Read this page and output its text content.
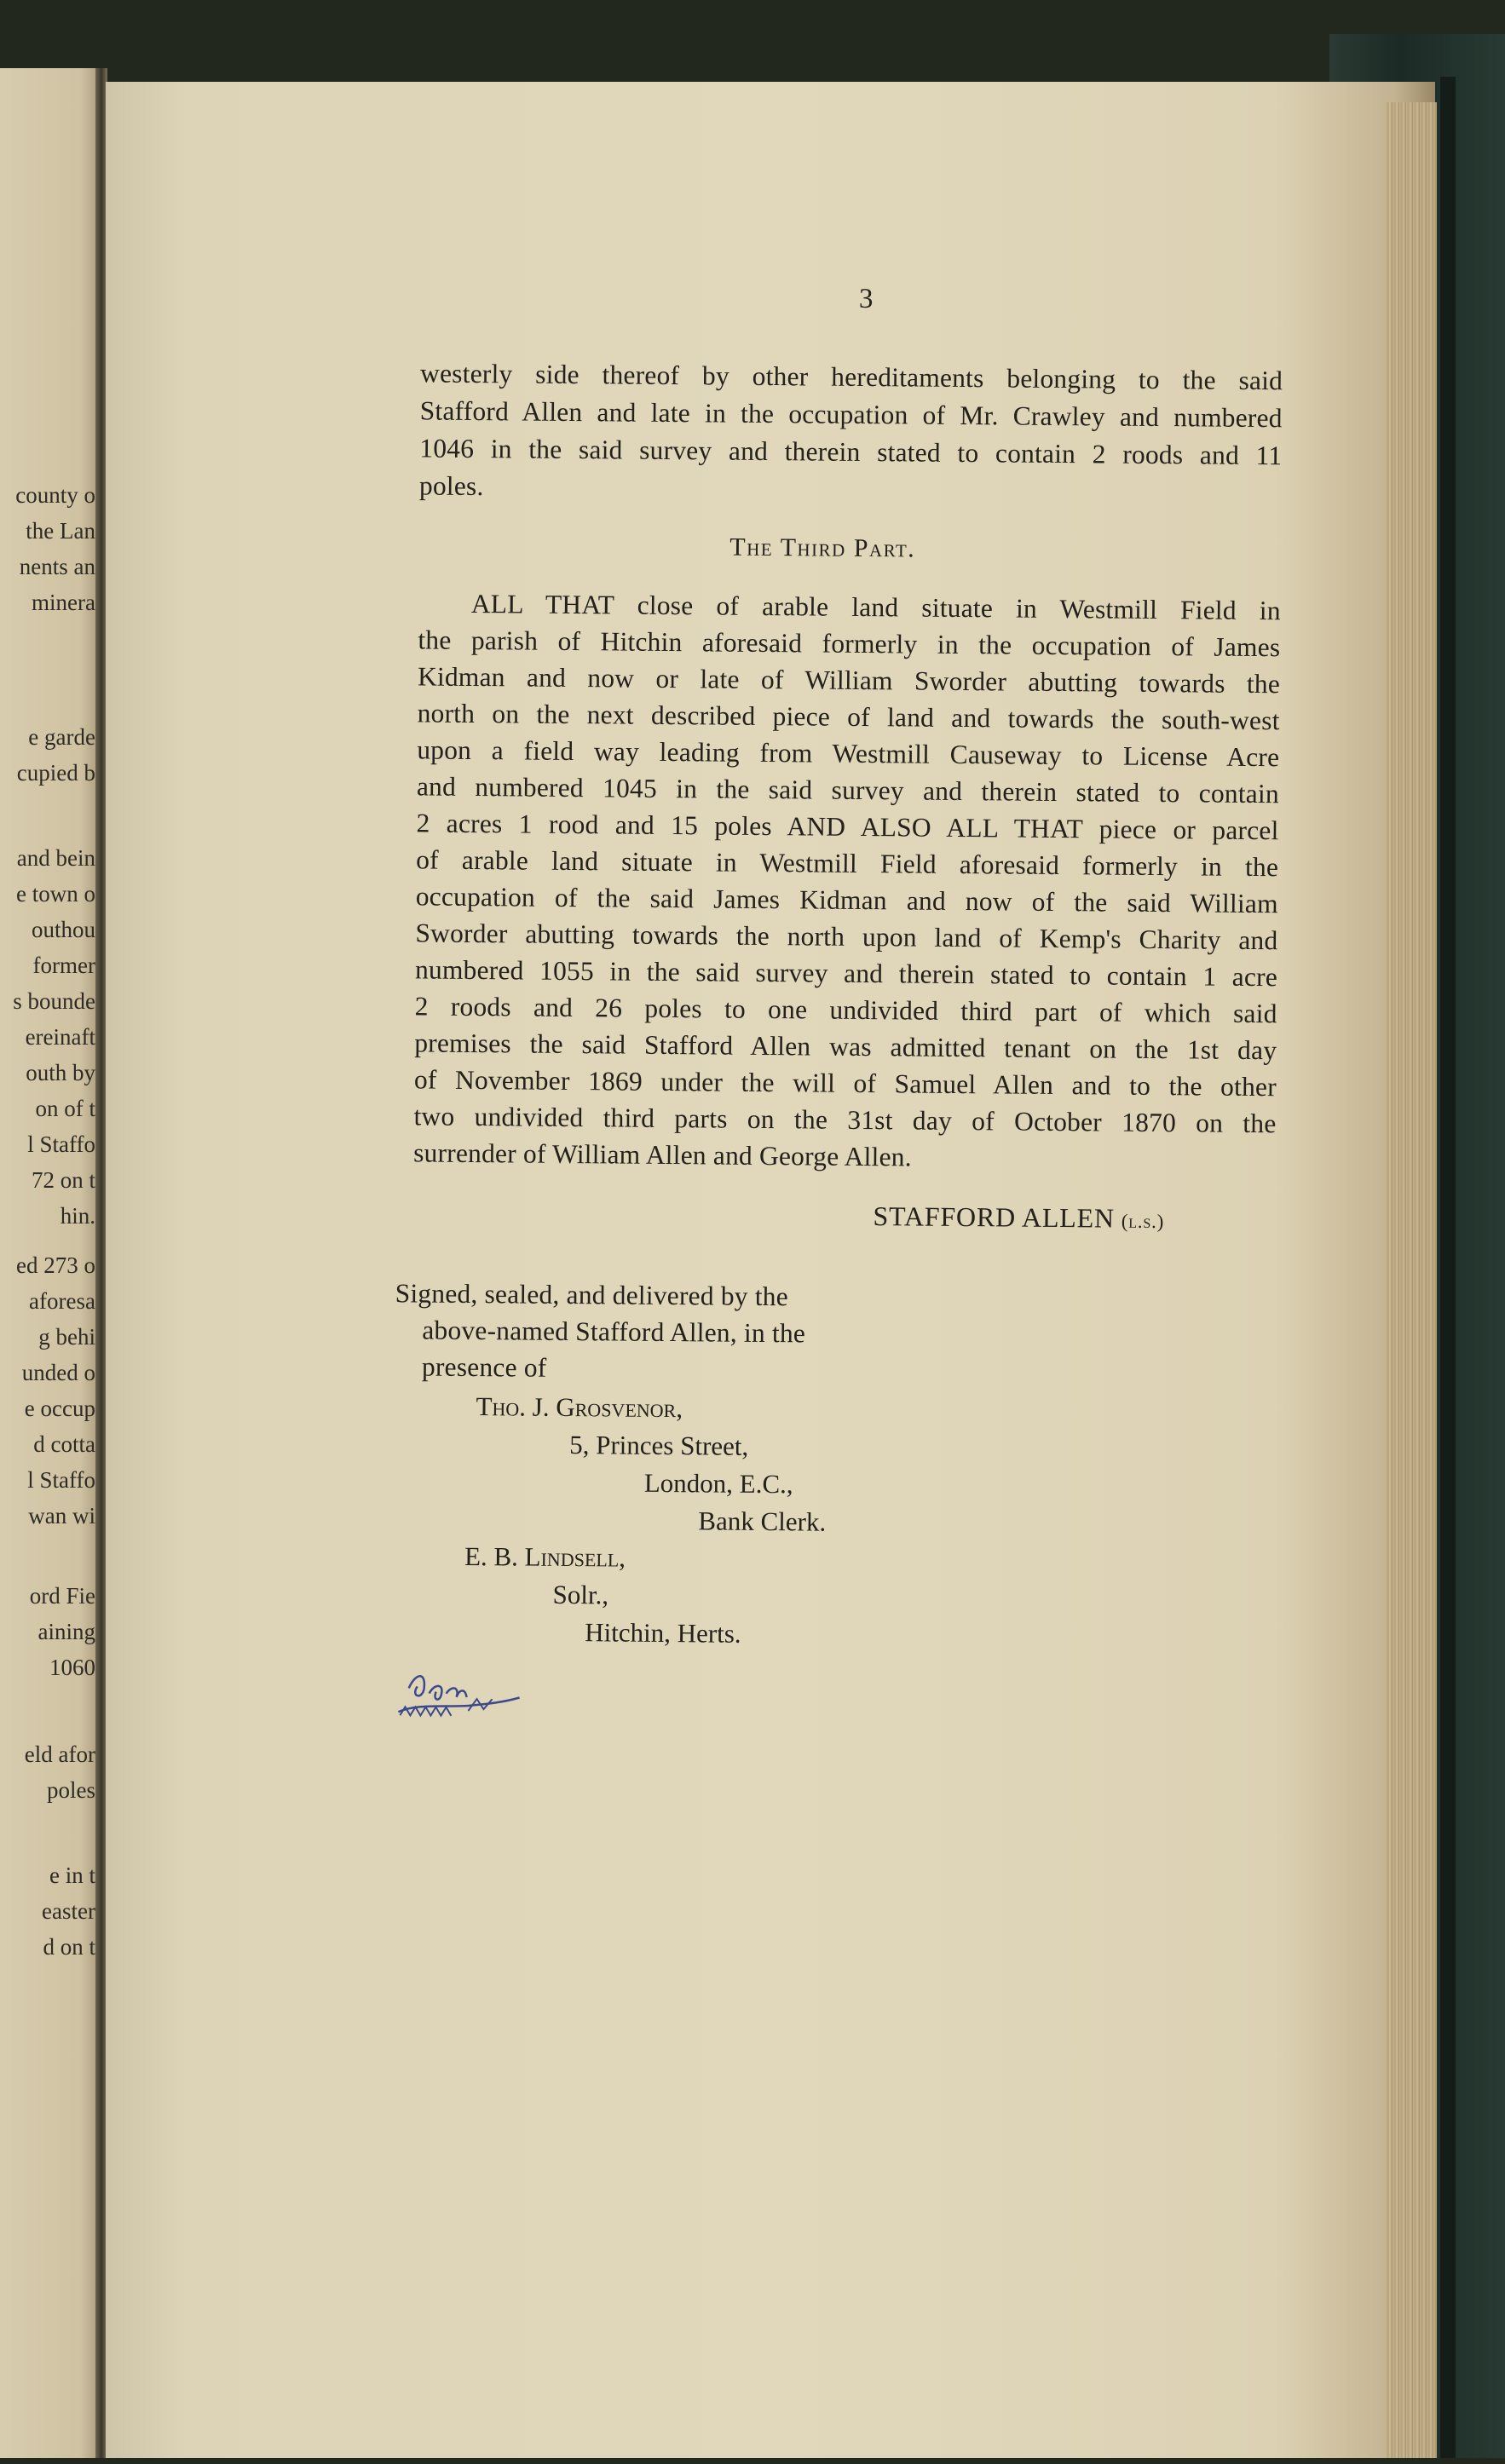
county o
the Lan
nents an
minera
e garde
cupied b
and bein
e town o
outhou
former
s bounde
ereinaft
outh by
on of t
l Staffo
72 on t
hin.
ed 273 o
aforesa
g behi
unded o
e occup
d cotta
l Staffo
wan wi
ord Fie
aining
1060
eld afor
poles
e in t
easter
d on t
3
westerly side thereof by other hereditaments belonging to the said
Stafford Allen and late in the occupation of Mr. Crawley and numbered
1046 in the said survey and therein stated to contain 2 roods and 11
poles.
The Third Part.
ALL THAT close of arable land situate in Westmill Field in
the parish of Hitchin aforesaid formerly in the occupation of James
Kidman and now or late of William Sworder abutting towards the
north on the next described piece of land and towards the south-west
upon a field way leading from Westmill Causeway to License Acre
and numbered 1045 in the said survey and therein stated to contain
2 acres 1 rood and 15 poles AND ALSO ALL THAT piece or parcel
of arable land situate in Westmill Field aforesaid formerly in the
occupation of the said James Kidman and now of the said William
Sworder abutting towards the north upon land of Kemp's Charity and
numbered 1055 in the said survey and therein stated to contain 1 acre
2 roods and 26 poles to one undivided third part of which said
premises the said Stafford Allen was admitted tenant on the 1st day
of November 1869 under the will of Samuel Allen and to the other
two undivided third parts on the 31st day of October 1870 on the
surrender of William Allen and George Allen.
STAFFORD ALLEN (l.s.)
Signed, sealed, and delivered by the
above-named Stafford Allen, in the
presence of
Tho. J. Grosvenor,
5, Princes Street,
London, E.C.,
Bank Clerk.
E. B. Lindsell,
Solr.,
Hitchin, Herts.
